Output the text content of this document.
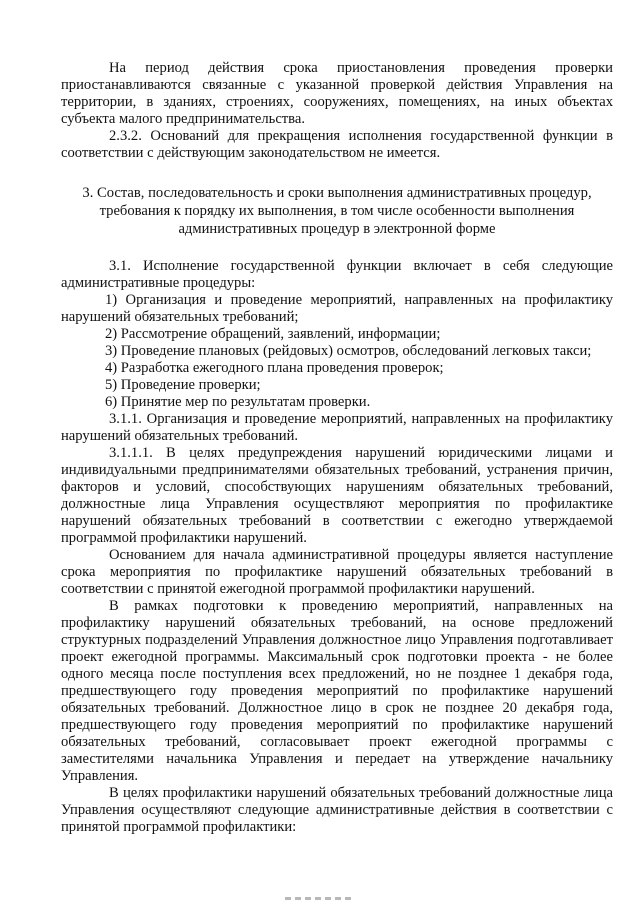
На период действия срока приостановления проведения проверки приостанавливаются связанные с указанной проверкой действия Управления на территории, в зданиях, строениях, сооружениях, помещениях, на иных объектах субъекта малого предпринимательства.

2.3.2. Оснований для прекращения исполнения государственной функции в соответствии с действующим законодательством не имеется.

3. Состав, последовательность и сроки выполнения административных процедур, требования к порядку их выполнения, в том числе особенности выполнения административных процедур в электронной форме

3.1. Исполнение государственной функции включает в себя следующие административные процедуры:

1) Организация и проведение мероприятий, направленных на профилактику нарушений обязательных требований;

2) Рассмотрение обращений, заявлений, информации;

3) Проведение плановых (рейдовых) осмотров, обследований легковых такси;

4) Разработка ежегодного плана проведения проверок;

5) Проведение проверки;

6) Принятие мер по результатам проверки.

3.1.1. Организация и проведение мероприятий, направленных на профилактику нарушений обязательных требований.

3.1.1.1. В целях предупреждения нарушений юридическими лицами и индивидуальными предпринимателями обязательных требований, устранения причин, факторов и условий, способствующих нарушениям обязательных требований, должностные лица Управления осуществляют мероприятия по профилактике нарушений обязательных требований в соответствии с ежегодно утверждаемой программой профилактики нарушений.

Основанием для начала административной процедуры является наступление срока мероприятия по профилактике нарушений обязательных требований в соответствии с принятой ежегодной программой профилактики нарушений.

В рамках подготовки к проведению мероприятий, направленных на профилактику нарушений обязательных требований, на основе предложений структурных подразделений Управления должностное лицо Управления подготавливает проект ежегодной программы. Максимальный срок подготовки проекта - не более одного месяца после поступления всех предложений, но не позднее 1 декабря года, предшествующего году проведения мероприятий по профилактике нарушений обязательных требований. Должностное лицо в срок не позднее 20 декабря года, предшествующего году проведения мероприятий по профилактике нарушений обязательных требований, согласовывает проект ежегодной программы с заместителями начальника Управления и передает на утверждение начальнику Управления.

В целях профилактики нарушений обязательных требований должностные лица Управления осуществляют следующие административные действия в соответствии с принятой программой профилактики:
